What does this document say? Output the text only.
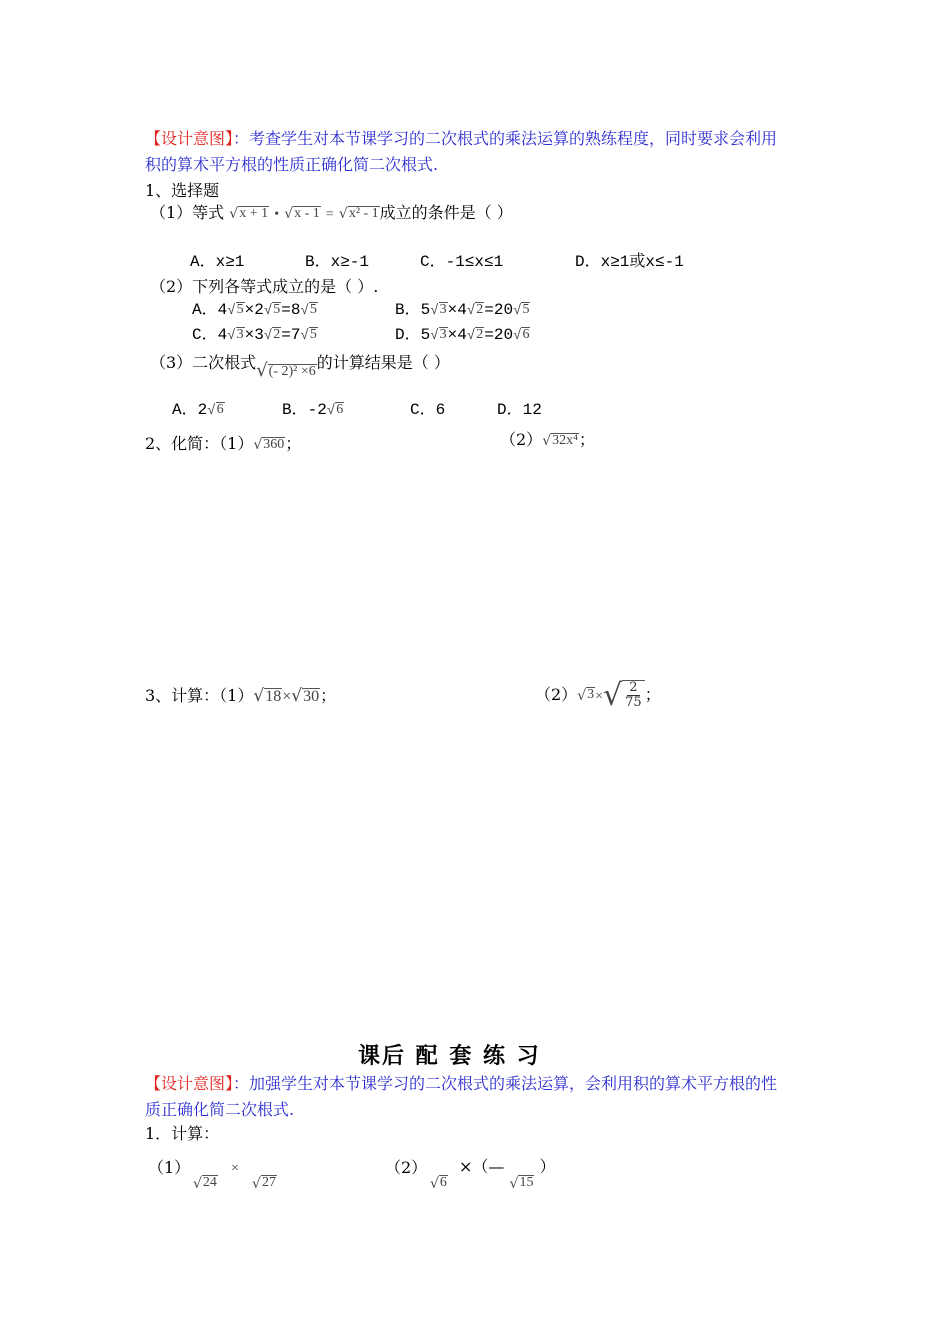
【设计意图】：考查学生对本节课学习的二次根式的乘法运算的熟练程度，同时要求会利用
积的算术平方根的性质正确化简二次根式.
1、选择题
（1）等式 √ x + 1 • √ x - 1 = √ x² - 1 成立的条件是（ ）
A．x≥1	B．x≥-1	C．-1≤x≤1	D．x≥1或x≤-1
（2）下列各等式成立的是（ ）.
A．4 √ 5 ×2 √ 5 =8 √ 5	B．5 √ 3 ×4 √ 2 =20 √ 5
C．4 √ 3 ×3 √ 2 =7 √ 5	D．5 √ 3 ×4 √ 2 =20 √ 6
（3）二次根式 √ (- 2)² ×6 的计算结果是（ ）
A．2 √ 6	B．-2 √ 6	C．6	D．12
2、化简：（1） √ 360 ；	（2） √ 32x⁴ ；
3、计算：（1） √ 18 × √ 30 ；	（2） √ 3 × √ $\frac{2}{75}$ ；
课后 配 套 练 习
【设计意图】：加强学生对本节课学习的二次根式的乘法运算，会利用积的算术平方根的性
质正确化简二次根式.
1．计算：
（1）
√ 24
×
√ 27
（2）
√ 6
×（—
√ 15
）
